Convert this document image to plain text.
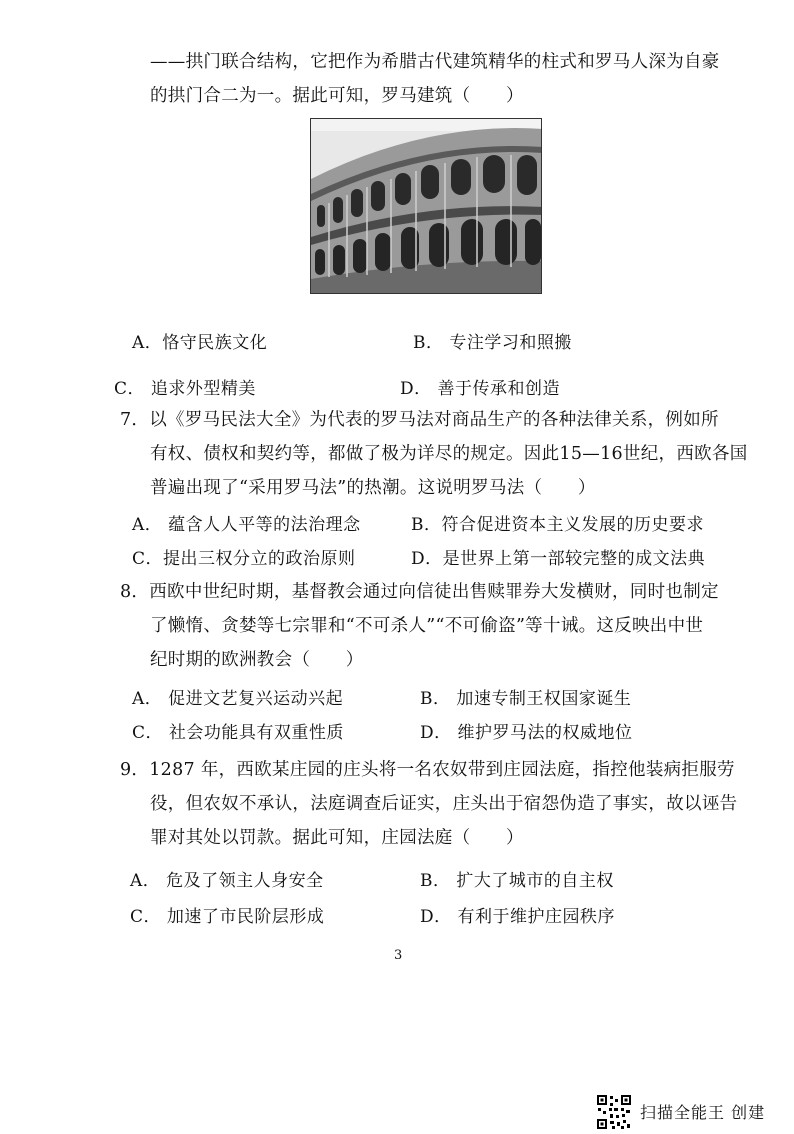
——拱门联合结构，它把作为希腊古代建筑精华的柱式和罗马人深为自豪
的拱门合二为一。据此可知，罗马建筑（　　）
A．恪守民族文化	B． 专注学习和照搬
C． 追求外型精美	D． 善于传承和创造
7．以《罗马民法大全》为代表的罗马法对商品生产的各种法律关系，例如所
有权、债权和契约等，都做了极为详尽的规定。因此15—16世纪，西欧各国
普遍出现了“采用罗马法”的热潮。这说明罗马法（　　）
A． 蕴含人人平等的法治理念	B．符合促进资本主义发展的历史要求
C．提出三权分立的政治原则	D．是世界上第一部较完整的成文法典
8．西欧中世纪时期，基督教会通过向信徒出售赎罪券大发横财，同时也制定
了懒惰、贪婪等七宗罪和“不可杀人”“不可偷盗”等十诫。这反映出中世
纪时期的欧洲教会（　　）
A． 促进文艺复兴运动兴起	B． 加速专制王权国家诞生
C． 社会功能具有双重性质	D． 维护罗马法的权威地位
9．1287 年，西欧某庄园的庄头将一名农奴带到庄园法庭，指控他装病拒服劳
役，但农奴不承认，法庭调查后证实，庄头出于宿怨伪造了事实，故以诬告
罪对其处以罚款。据此可知，庄园法庭（　　）
A． 危及了领主人身安全	B． 扩大了城市的自主权
C． 加速了市民阶层形成	D． 有利于维护庄园秩序
3
扫描全能王 创建
